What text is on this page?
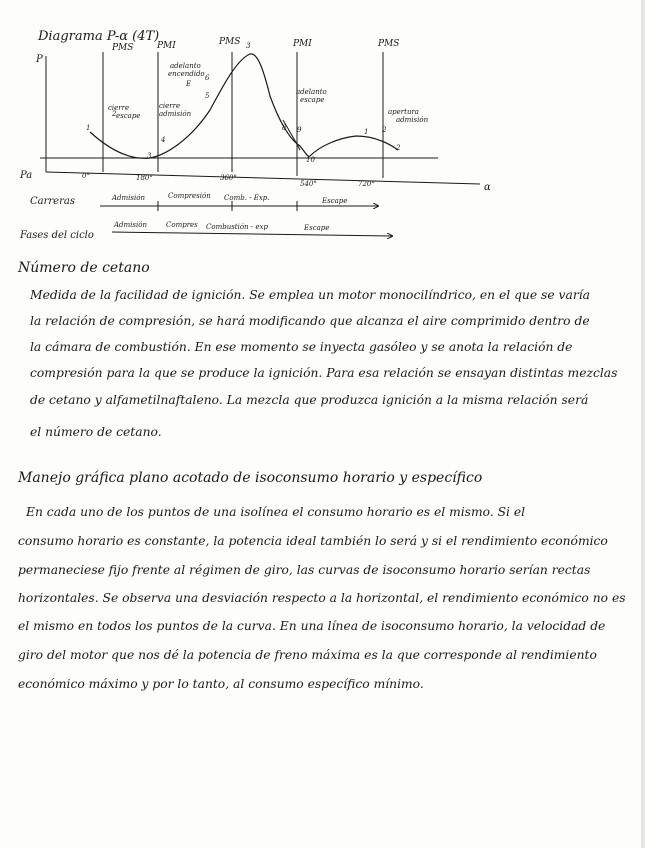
Diagrama P-α (4T)
P
Pa
α
PMS	PMI	PMS	PMI	PMS
1
2
3
4
5
6
3
8 9
10
1 2
2
cierre
escape
cierre
admisión
adelanto
encendido
E
adelanto
escape
apertura
admisión
0°	180°	360°
540°	720°
Carreras	Admisión	Compresión Comb. - Exp.	Escape
Fases del ciclo
Admisión	Compres Combustión - exp	Escape
Número de cetano
Medida de la facilidad de ignición. Se emplea un motor monocilíndrico, en el que se varía
la relación de compresión, se hará modificando que alcanza el aire comprimido dentro de
la cámara de combustión. En ese momento se inyecta gasóleo y se anota la relación de
compresión para la que se produce la ignición. Para esa relación se ensayan distintas mezclas
de cetano y alfametilnaftaleno. La mezcla que produzca ignición a la misma relación será
el número de cetano.
Manejo gráfica plano acotado de isoconsumo horario y específico
En cada uno de los puntos de una isolínea el consumo horario es el mismo. Si el
consumo horario es constante, la potencia ideal también lo será y si el rendimiento económico
permaneciese fijo frente al régimen de giro, las curvas de isoconsumo horario serían rectas
horizontales. Se observa una desviación respecto a la horizontal, el rendimiento económico no es
el mismo en todos los puntos de la curva. En una línea de isoconsumo horario, la velocidad de
giro del motor que nos dé la potencia de freno máxima es la que corresponde al rendimiento
económico máximo y por lo tanto, al consumo específico mínimo.
